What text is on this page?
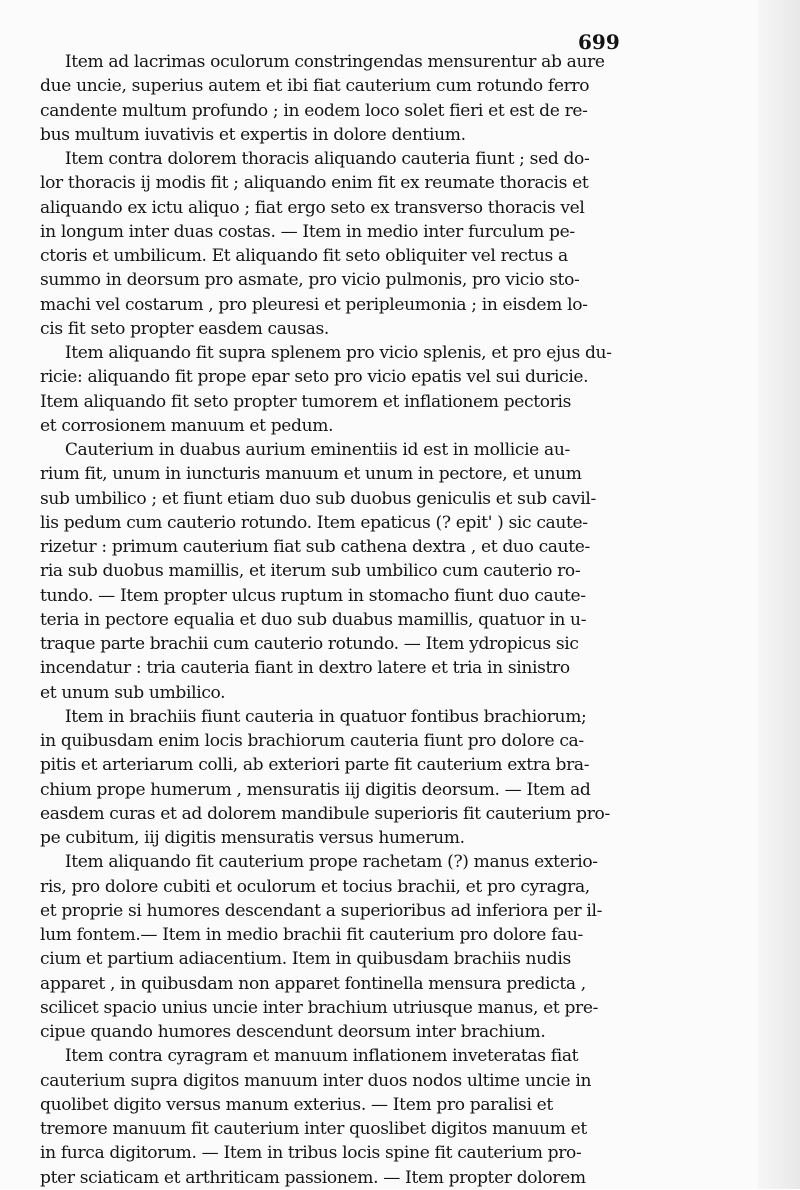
699
Item ad lacrimas oculorum constringendas mensurentur ab aure
due uncie, superius autem et ibi fiat cauterium cum rotundo ferro
candente multum profundo ; in eodem loco solet fieri et est de re-
bus multum iuvativis et expertis in dolore dentium.
Item contra dolorem thoracis aliquando cauteria fiunt ; sed do-
lor thoracis ij modis fit ; aliquando enim fit ex reumate thoracis et
aliquando ex ictu aliquo ; fiat ergo seto ex transverso thoracis vel
in longum inter duas costas. — Item in medio inter furculum pe-
ctoris et umbilicum. Et aliquando fit seto obliquiter vel rectus a
summo in deorsum pro asmate, pro vicio pulmonis, pro vicio sto-
machi vel costarum , pro pleuresi et peripleumonia ; in eisdem lo-
cis fit seto propter easdem causas.
Item aliquando fit supra splenem pro vicio splenis, et pro ejus du-
ricie: aliquando fit prope epar seto pro vicio epatis vel sui duricie.
Item aliquando fit seto propter tumorem et inflationem pectoris
et corrosionem manuum et pedum.
Cauterium in duabus aurium eminentiis id est in mollicie au-
rium fit, unum in iuncturis manuum et unum in pectore, et unum
sub umbilico ; et fiunt etiam duo sub duobus geniculis et sub cavil-
lis pedum cum cauterio rotundo. Item epaticus (? epit' ) sic caute-
rizetur : primum cauterium fiat sub cathena dextra , et duo caute-
ria sub duobus mamillis, et iterum sub umbilico cum cauterio ro-
tundo. — Item propter ulcus ruptum in stomacho fiunt duo caute-
teria in pectore equalia et duo sub duabus mamillis, quatuor in u-
traque parte brachii cum cauterio rotundo. — Item ydropicus sic
incendatur : tria cauteria fiant in dextro latere et tria in sinistro
et unum sub umbilico.
Item in brachiis fiunt cauteria in quatuor fontibus brachiorum;
in quibusdam enim locis brachiorum cauteria fiunt pro dolore ca-
pitis et arteriarum colli, ab exteriori parte fit cauterium extra bra-
chium prope humerum , mensuratis iij digitis deorsum. — Item ad
easdem curas et ad dolorem mandibule superioris fit cauterium pro-
pe cubitum, iij digitis mensuratis versus humerum.
Item aliquando fit cauterium prope rachetam (?) manus exterio-
ris, pro dolore cubiti et oculorum et tocius brachii, et pro cyragra,
et proprie si humores descendant a superioribus ad inferiora per il-
lum fontem.— Item in medio brachii fit cauterium pro dolore fau-
cium et partium adiacentium. Item in quibusdam brachiis nudis
apparet , in quibusdam non apparet fontinella mensura predicta ,
scilicet spacio unius uncie inter brachium utriusque manus, et pre-
cipue quando humores descendunt deorsum inter brachium.
Item contra cyragram et manuum inflationem inveteratas fiat
cauterium supra digitos manuum inter duos nodos ultime uncie in
quolibet digito versus manum exterius. — Item pro paralisi et
tremore manuum fit cauterium inter quoslibet digitos manuum et
in furca digitorum. — Item in tribus locis spine fit cauterium pro-
pter sciaticam et arthriticam passionem. — Item propter dolorem
